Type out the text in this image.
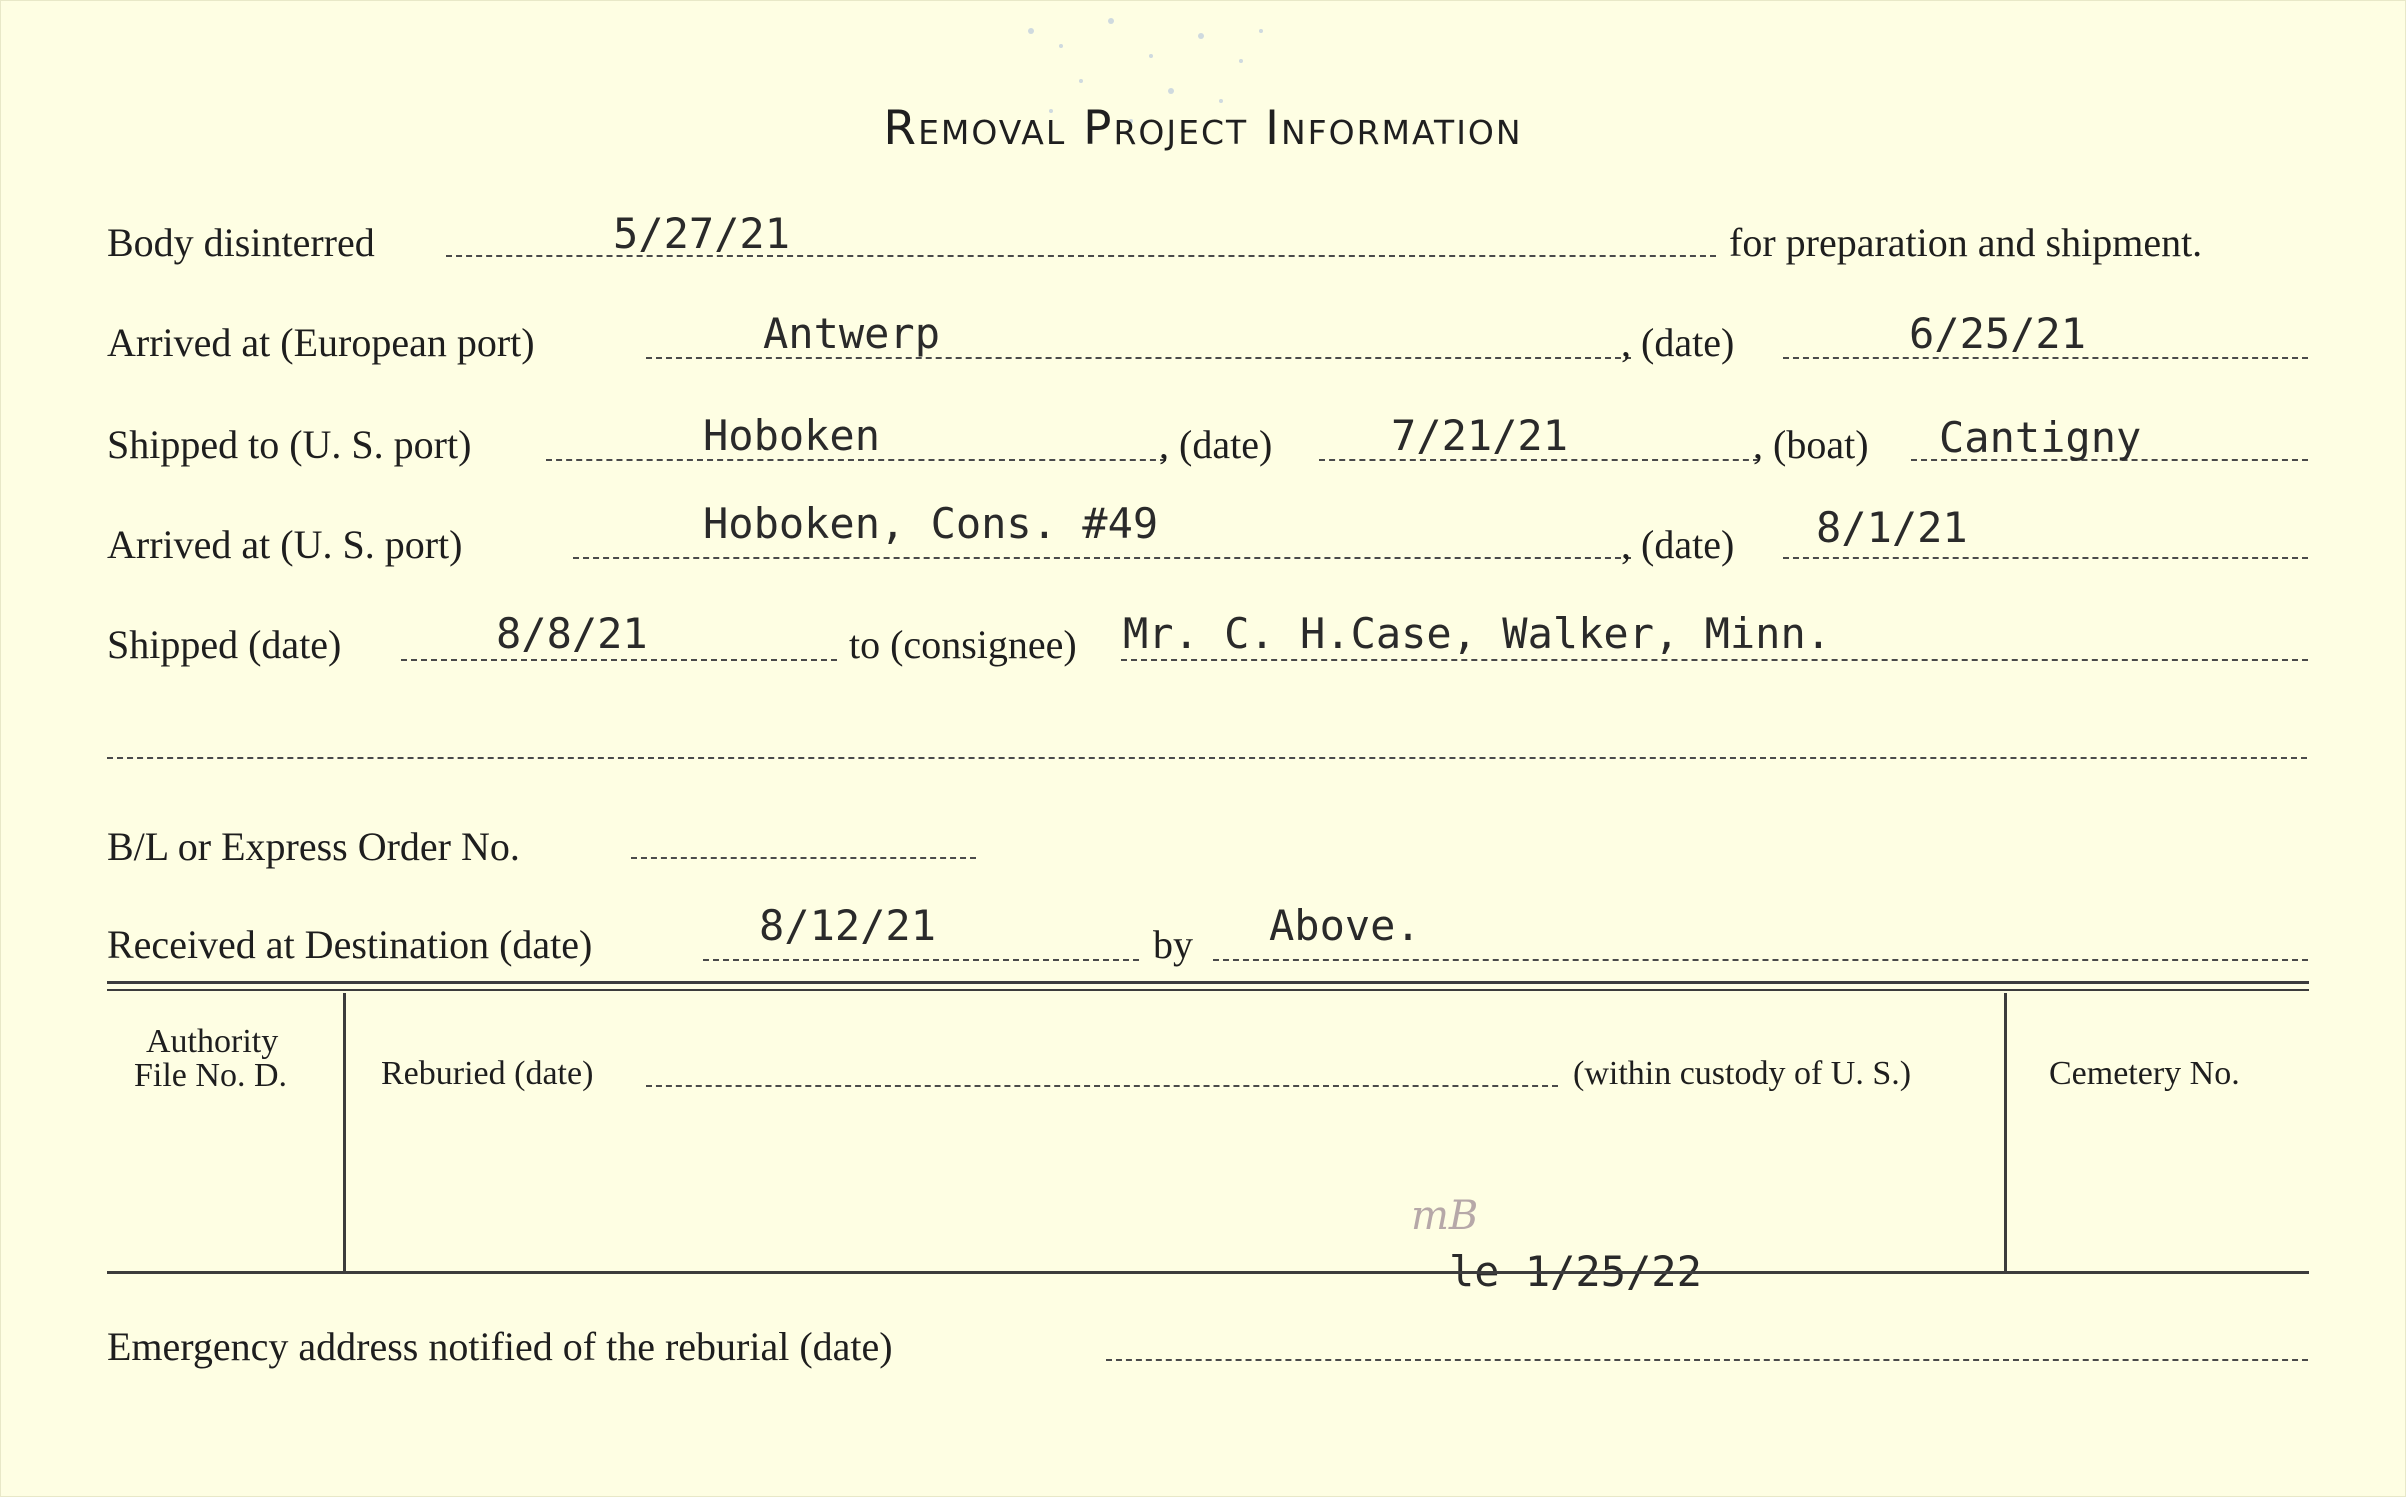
Removal Project Information
Body disinterred	5/27/21	for preparation and shipment.
Arrived at (European port)	Antwerp	, (date)	6/25/21
Shipped to (U. S. port)	Hoboken	, (date)	7/21/21	, (boat) Cantigny
Arrived at (U. S. port)	Hoboken, Cons. #49	, (date) 8/1/21
Shipped (date)	8/8/21	to (consignee) Mr. C. H.Case, Walker, Minn.
B/L or Express Order No.
Received at Destination (date)	8/12/21	by Above.
Authority
File No. D.	Reburied (date)	(within custody of U. S.)	Cemetery No.
mB
le 1/25/22
Emergency address notified of the reburial (date)
